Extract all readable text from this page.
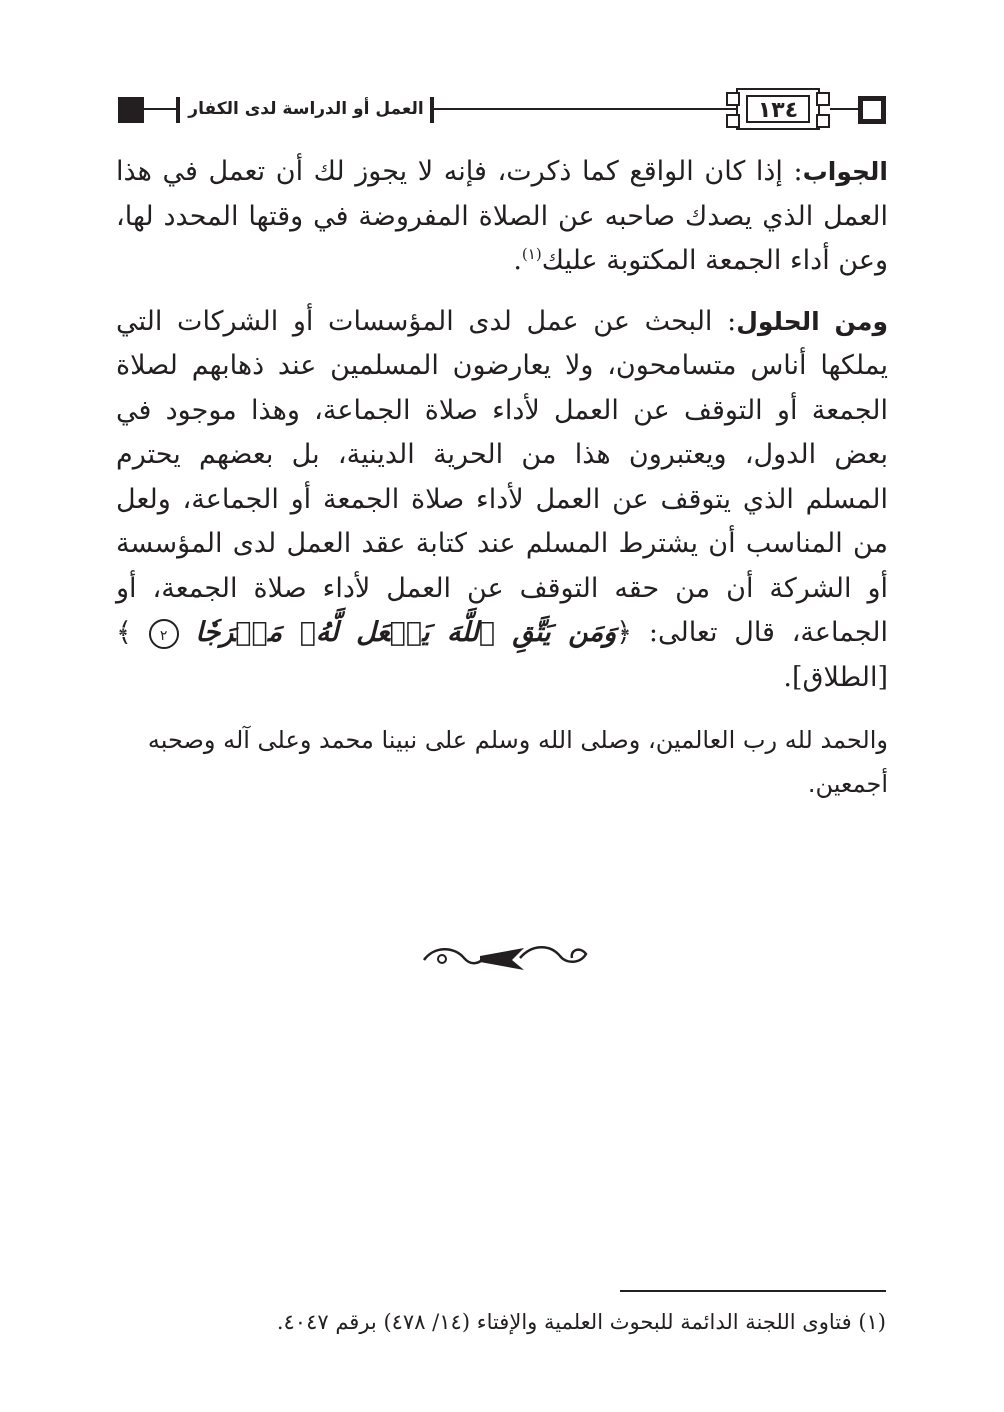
العمل أو الدراسة لدى الكفار	١٣٤

الجواب: إذا كان الواقع كما ذكرت، فإنه لا يجوز لك أن تعمل في هذا العمل الذي يصدك صاحبه عن الصلاة المفروضة في وقتها المحدد لها، وعن أداء الجمعة المكتوبة عليك$^{(١)}$.

ومن الحلول: البحث عن عمل لدى المؤسسات أو الشركات التي يملكها أناس متسامحون، ولا يعارضون المسلمين عند ذهابهم لصلاة الجمعة أو التوقف عن العمل لأداء صلاة الجماعة، وهذا موجود في بعض الدول، ويعتبرون هذا من الحرية الدينية، بل بعضهم يحترم المسلم الذي يتوقف عن العمل لأداء صلاة الجمعة أو الجماعة، ولعل من المناسب أن يشترط المسلم عند كتابة عقد العمل لدى المؤسسة أو الشركة أن من حقه التوقف عن العمل لأداء صلاة الجمعة، أو الجماعة، قال تعالى: ﴿وَمَن يَتَّقِ ٱللَّهَ يَجۡعَل لَّهُۥ مَخۡرَجٗا ٢ ﴾ [الطلاق].

والحمد لله رب العالمين، وصلى الله وسلم على نبينا محمد وعلى آله وصحبه أجمعين.

(١) فتاوى اللجنة الدائمة للبحوث العلمية والإفتاء (١٤/ ٤٧٨) برقم ٤٠٤٧.
